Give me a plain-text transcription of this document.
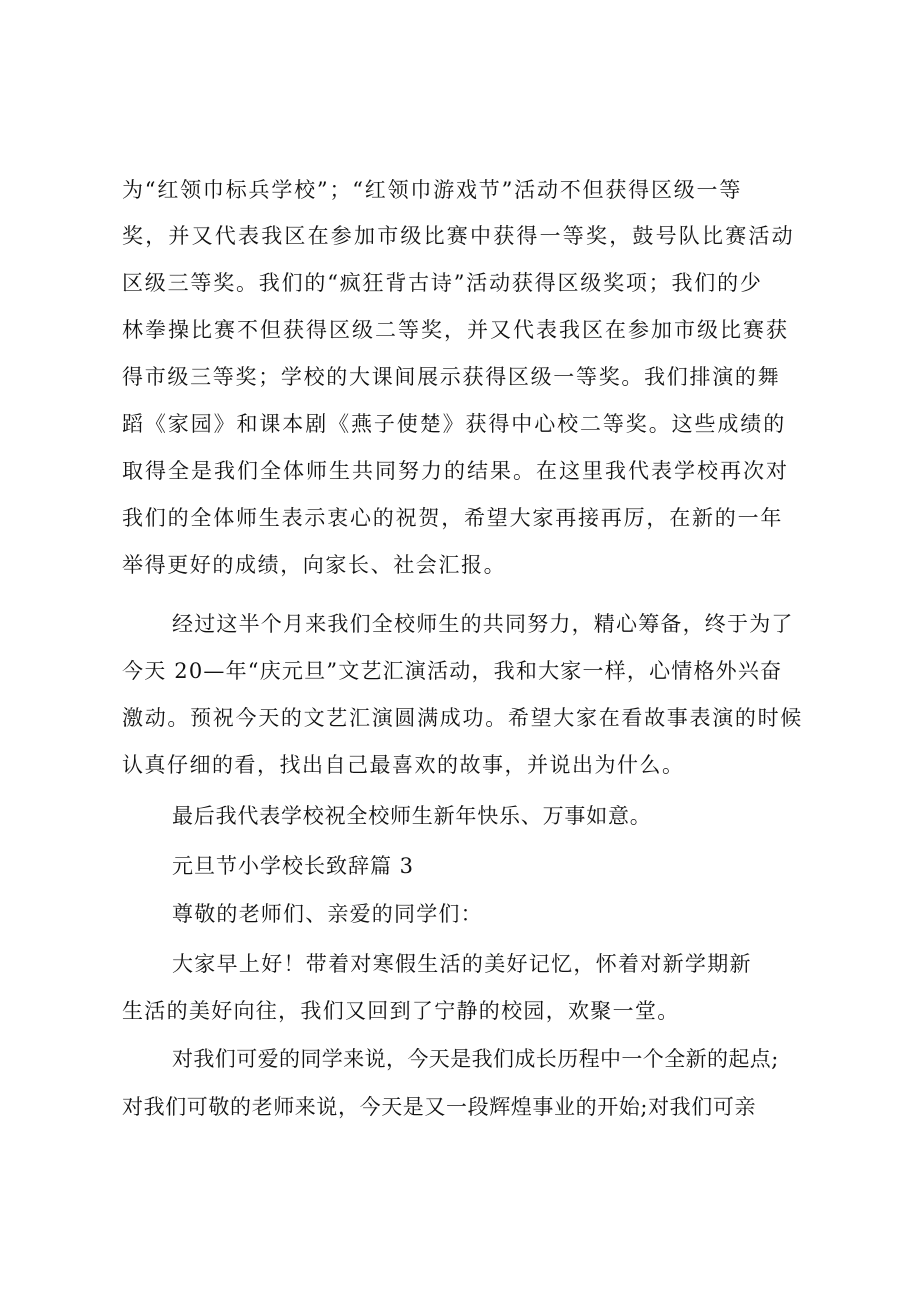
为“红领巾标兵学校”；“红领巾游戏节”活动不但获得区级一等
奖，并又代表我区在参加市级比赛中获得一等奖，鼓号队比赛活动
区级三等奖。我们的“疯狂背古诗”活动获得区级奖项；我们的少
林拳操比赛不但获得区级二等奖，并又代表我区在参加市级比赛获
得市级三等奖；学校的大课间展示获得区级一等奖。我们排演的舞
蹈《家园》和课本剧《燕子使楚》获得中心校二等奖。这些成绩的
取得全是我们全体师生共同努力的结果。在这里我代表学校再次对
我们的全体师生表示衷心的祝贺，希望大家再接再厉，在新的一年
举得更好的成绩，向家长、社会汇报。
经过这半个月来我们全校师生的共同努力，精心筹备，终于为了
今天 20—年“庆元旦”文艺汇演活动，我和大家一样，心情格外兴奋
激动。预祝今天的文艺汇演圆满成功。希望大家在看故事表演的时候
认真仔细的看，找出自己最喜欢的故事，并说出为什么。
最后我代表学校祝全校师生新年快乐、万事如意。
元旦节小学校长致辞篇 3
尊敬的老师们、亲爱的同学们：
大家早上好！带着对寒假生活的美好记忆，怀着对新学期新
生活的美好向往，我们又回到了宁静的校园，欢聚一堂。
对我们可爱的同学来说，今天是我们成长历程中一个全新的起点;
对我们可敬的老师来说，今天是又一段辉煌事业的开始;对我们可亲
